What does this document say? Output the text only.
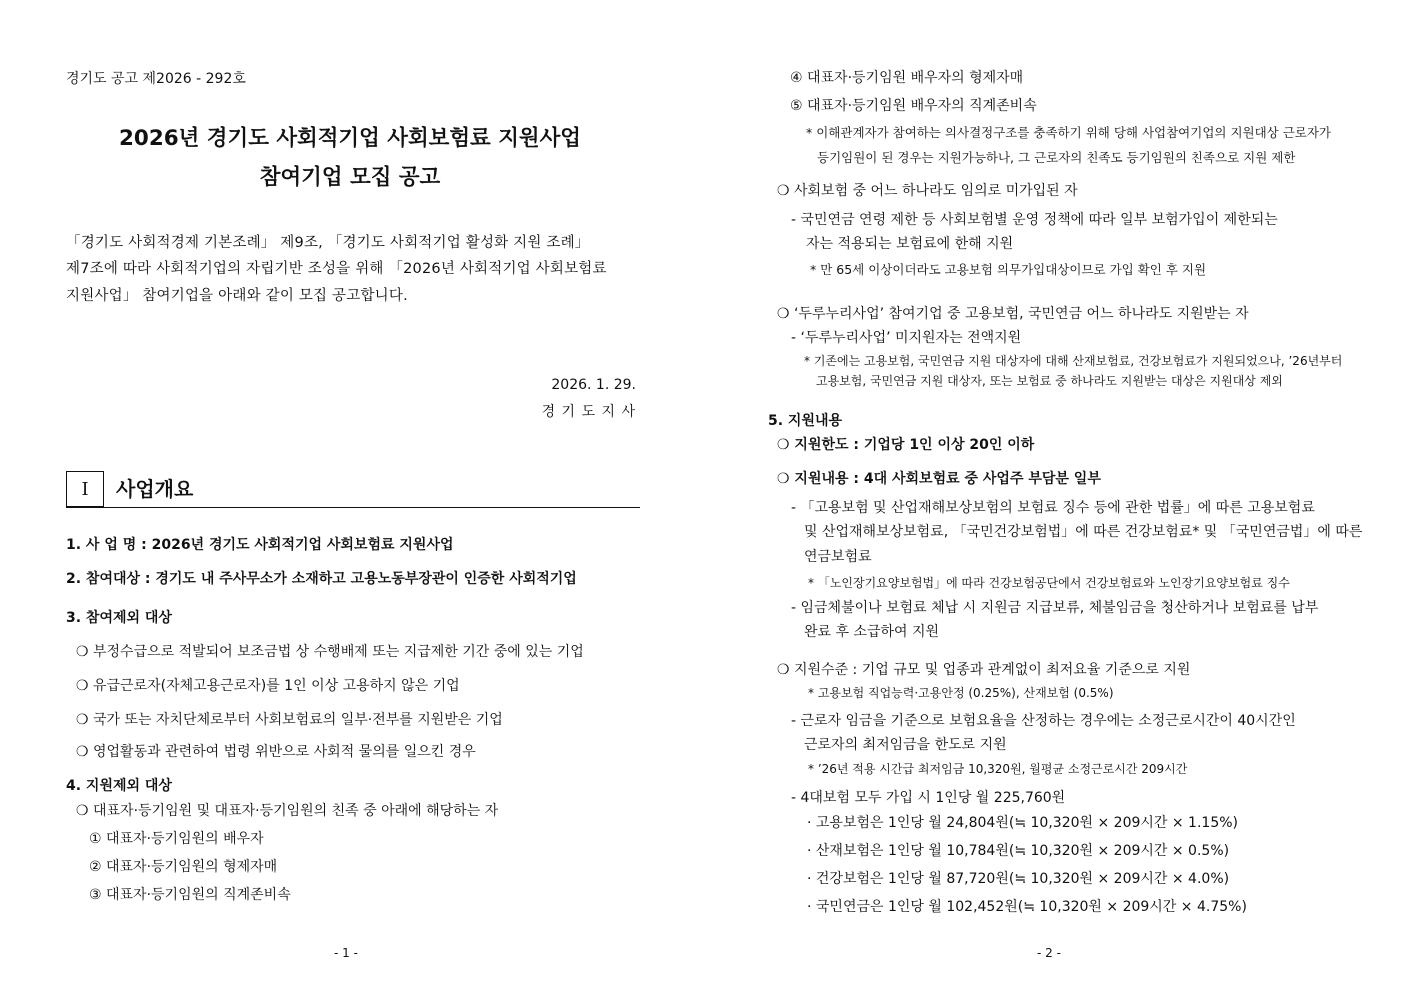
경기도 공고 제2026 - 292호
2026년 경기도 사회적기업 사회보험료 지원사업
참여기업 모집 공고
「경기도 사회적경제 기본조례」 제9조, 「경기도 사회적기업 활성화 지원 조례」
제7조에 따라 사회적기업의 자립기반 조성을 위해 「2026년 사회적기업 사회보험료
지원사업」 참여기업을 아래와 같이 모집 공고합니다.
2026. 1. 29.
경 기 도 지 사
I	사업개요
1. 사 업 명 : 2026년 경기도 사회적기업 사회보험료 지원사업
2. 참여대상 : 경기도 내 주사무소가 소재하고 고용노동부장관이 인증한 사회적기업
3. 참여제외 대상
❍ 부정수급으로 적발되어 보조금법 상 수행배제 또는 지급제한 기간 중에 있는 기업
❍ 유급근로자(자체고용근로자)를 1인 이상 고용하지 않은 기업
❍ 국가 또는 자치단체로부터 사회보험료의 일부·전부를 지원받은 기업
❍ 영업활동과 관련하여 법령 위반으로 사회적 물의를 일으킨 경우
4. 지원제외 대상
❍ 대표자·등기임원 및 대표자·등기임원의 친족 중 아래에 해당하는 자
① 대표자·등기임원의 배우자
② 대표자·등기임원의 형제자매
③ 대표자·등기임원의 직계존비속
- 1 -
④ 대표자·등기임원 배우자의 형제자매
⑤ 대표자·등기임원 배우자의 직계존비속
* 이해관계자가 참여하는 의사결정구조를 충족하기 위해 당해 사업참여기업의 지원대상 근로자가
등기임원이 된 경우는 지원가능하나, 그 근로자의 친족도 등기임원의 친족으로 지원 제한
❍ 사회보험 중 어느 하나라도 임의로 미가입된 자
- 국민연금 연령 제한 등 사회보험별 운영 정책에 따라 일부 보험가입이 제한되는
자는 적용되는 보험료에 한해 지원
* 만 65세 이상이더라도 고용보험 의무가입대상이므로 가입 확인 후 지원
❍ ‘두루누리사업’ 참여기업 중 고용보험, 국민연금 어느 하나라도 지원받는 자
- ‘두루누리사업’ 미지원자는 전액지원
* 기존에는 고용보험, 국민연금 지원 대상자에 대해 산재보험료, 건강보험료가 지원되었으나, ’26년부터
고용보험, 국민연금 지원 대상자, 또는 보험료 중 하나라도 지원받는 대상은 지원대상 제외
5. 지원내용
❍ 지원한도 : 기업당 1인 이상 20인 이하
❍ 지원내용 : 4대 사회보험료 중 사업주 부담분 일부
- 「고용보험 및 산업재해보상보험의 보험료 징수 등에 관한 법률」에 따른 고용보험료
및 산업재해보상보험료, 「국민건강보험법」에 따른 건강보험료* 및 「국민연금법」에 따른
연금보험료
* 「노인장기요양보험법」에 따라 건강보험공단에서 건강보험료와 노인장기요양보험료 징수
- 임금체불이나 보험료 체납 시 지원금 지급보류, 체불임금을 청산하거나 보험료를 납부
완료 후 소급하여 지원
❍ 지원수준 : 기업 규모 및 업종과 관계없이 최저요율 기준으로 지원
* 고용보험 직업능력·고용안정 (0.25%), 산재보험 (0.5%)
- 근로자 임금을 기준으로 보험요율을 산정하는 경우에는 소정근로시간이 40시간인
근로자의 최저임금을 한도로 지원
* ’26년 적용 시간급 최저임금 10,320원, 월평균 소정근로시간 209시간
- 4대보험 모두 가입 시 1인당 월 225,760원
· 고용보험은 1인당 월 24,804원(≒ 10,320원 × 209시간 × 1.15%)
· 산재보험은 1인당 월 10,784원(≒ 10,320원 × 209시간 × 0.5%)
· 건강보험은 1인당 월 87,720원(≒ 10,320원 × 209시간 × 4.0%)
· 국민연금은 1인당 월 102,452원(≒ 10,320원 × 209시간 × 4.75%)
- 2 -
